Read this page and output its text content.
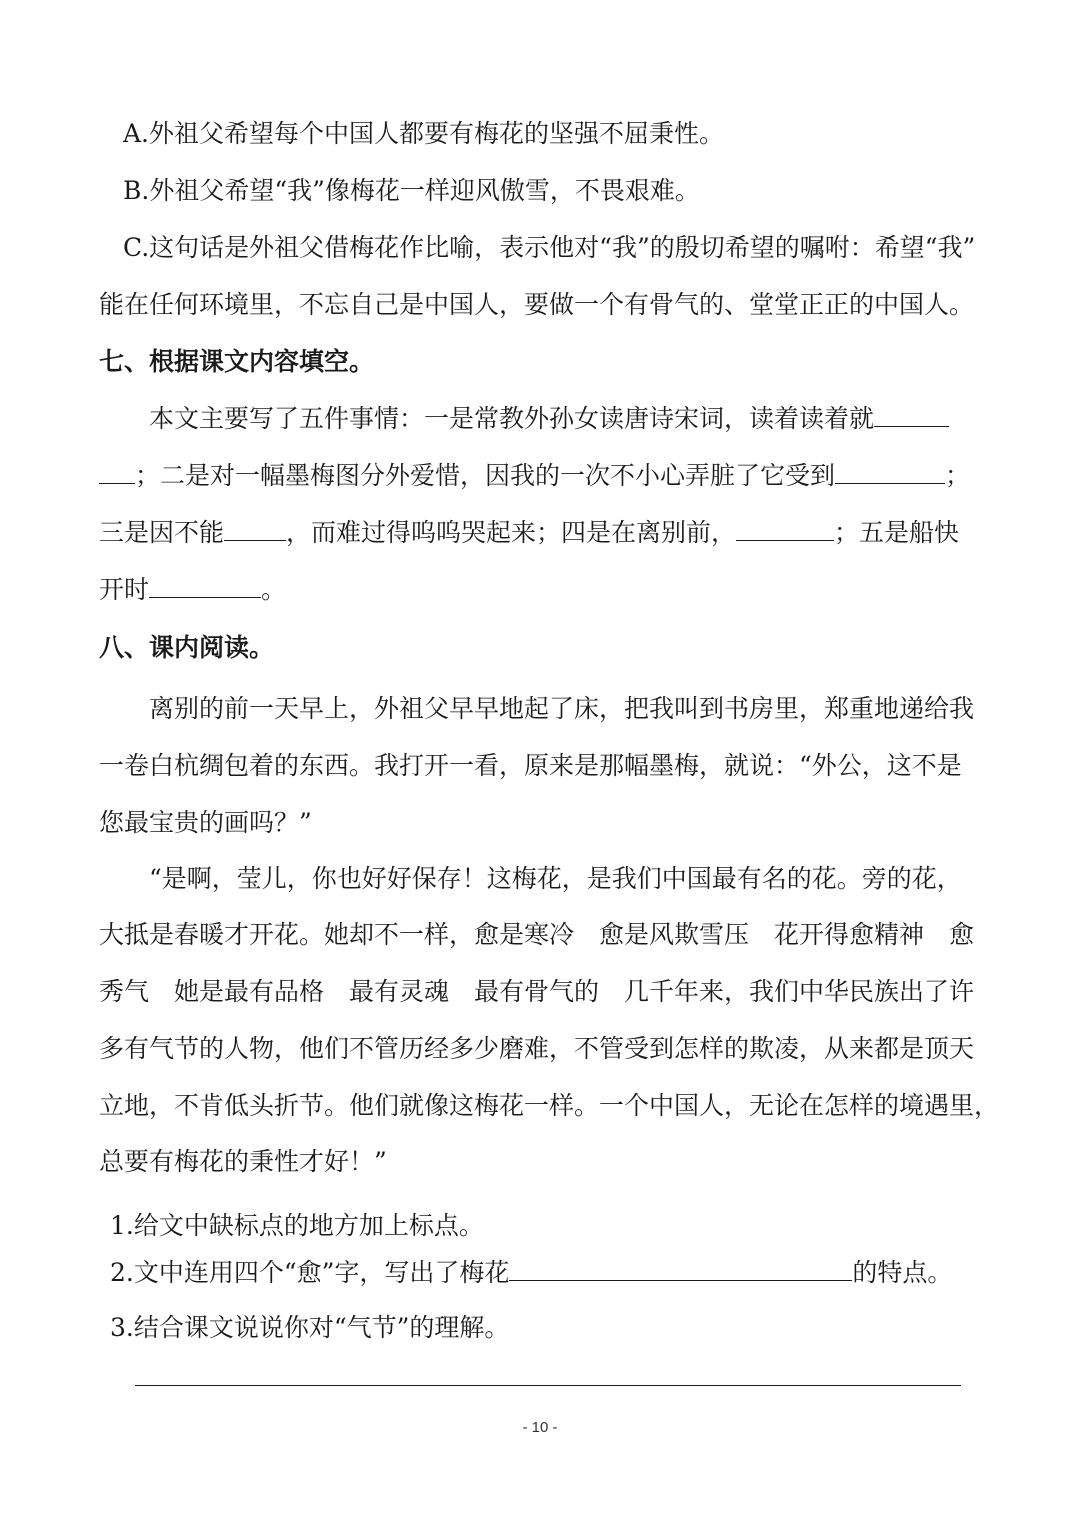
A.外祖父希望每个中国人都要有梅花的坚强不屈秉性。
B.外祖父希望“我”像梅花一样迎风傲雪，不畏艰难。
C.这句话是外祖父借梅花作比喻，表示他对“我”的殷切希望的嘱咐：希望“我”
能在任何环境里，不忘自己是中国人，要做一个有骨气的、堂堂正正的中国人。
七、根据课文内容填空。
本文主要写了五件事情：一是常教外孙女读唐诗宋词，读着读着就
；二是对一幅墨梅图分外爱惜，因我的一次不小心弄脏了它受到	；
三是因不能 ，而难过得呜呜哭起来；四是在离别前，	；五是船快
开时	。
八、课内阅读。
离别的前一天早上，外祖父早早地起了床，把我叫到书房里，郑重地递给我
一卷白杭绸包着的东西。我打开一看，原来是那幅墨梅，就说：“外公，这不是
您最宝贵的画吗？”
“是啊，莹儿，你也好好保存！这梅花，是我们中国最有名的花。旁的花，
大抵是春暖才开花。她却不一样，愈是寒冷　愈是风欺雪压　花开得愈精神　愈
秀气　她是最有品格　最有灵魂　最有骨气的　几千年来，我们中华民族出了许
多有气节的人物，他们不管历经多少磨难，不管受到怎样的欺凌，从来都是顶天
立地，不肯低头折节。他们就像这梅花一样。一个中国人，无论在怎样的境遇里，
总要有梅花的秉性才好！”
1.给文中缺标点的地方加上标点。
2.文中连用四个“愈”字，写出了梅花	的特点。
3.结合课文说说你对“气节”的理解。
- 10 -
